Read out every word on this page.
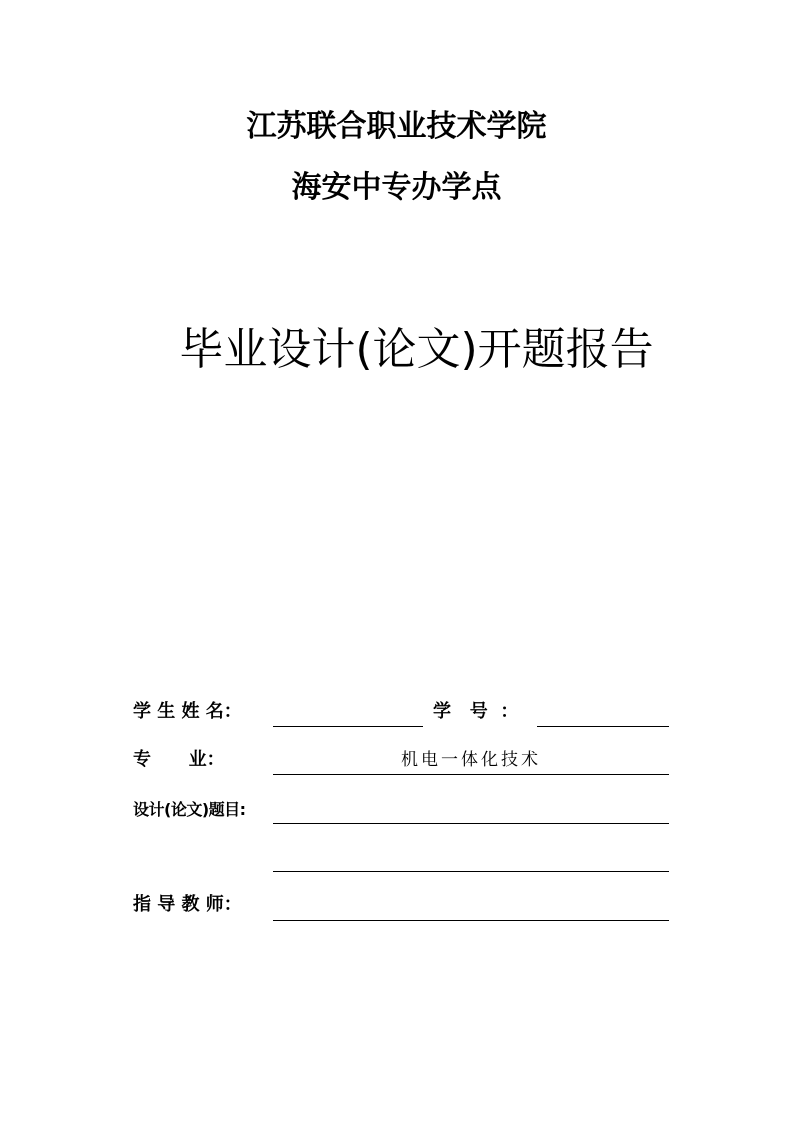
江苏联合职业技术学院
海安中专办学点
毕业设计(论文)开题报告
学 生 姓 名：	学   号  ：
专      业：	机电一体化技术
设计(论文)题目:
指 导 教 师：
